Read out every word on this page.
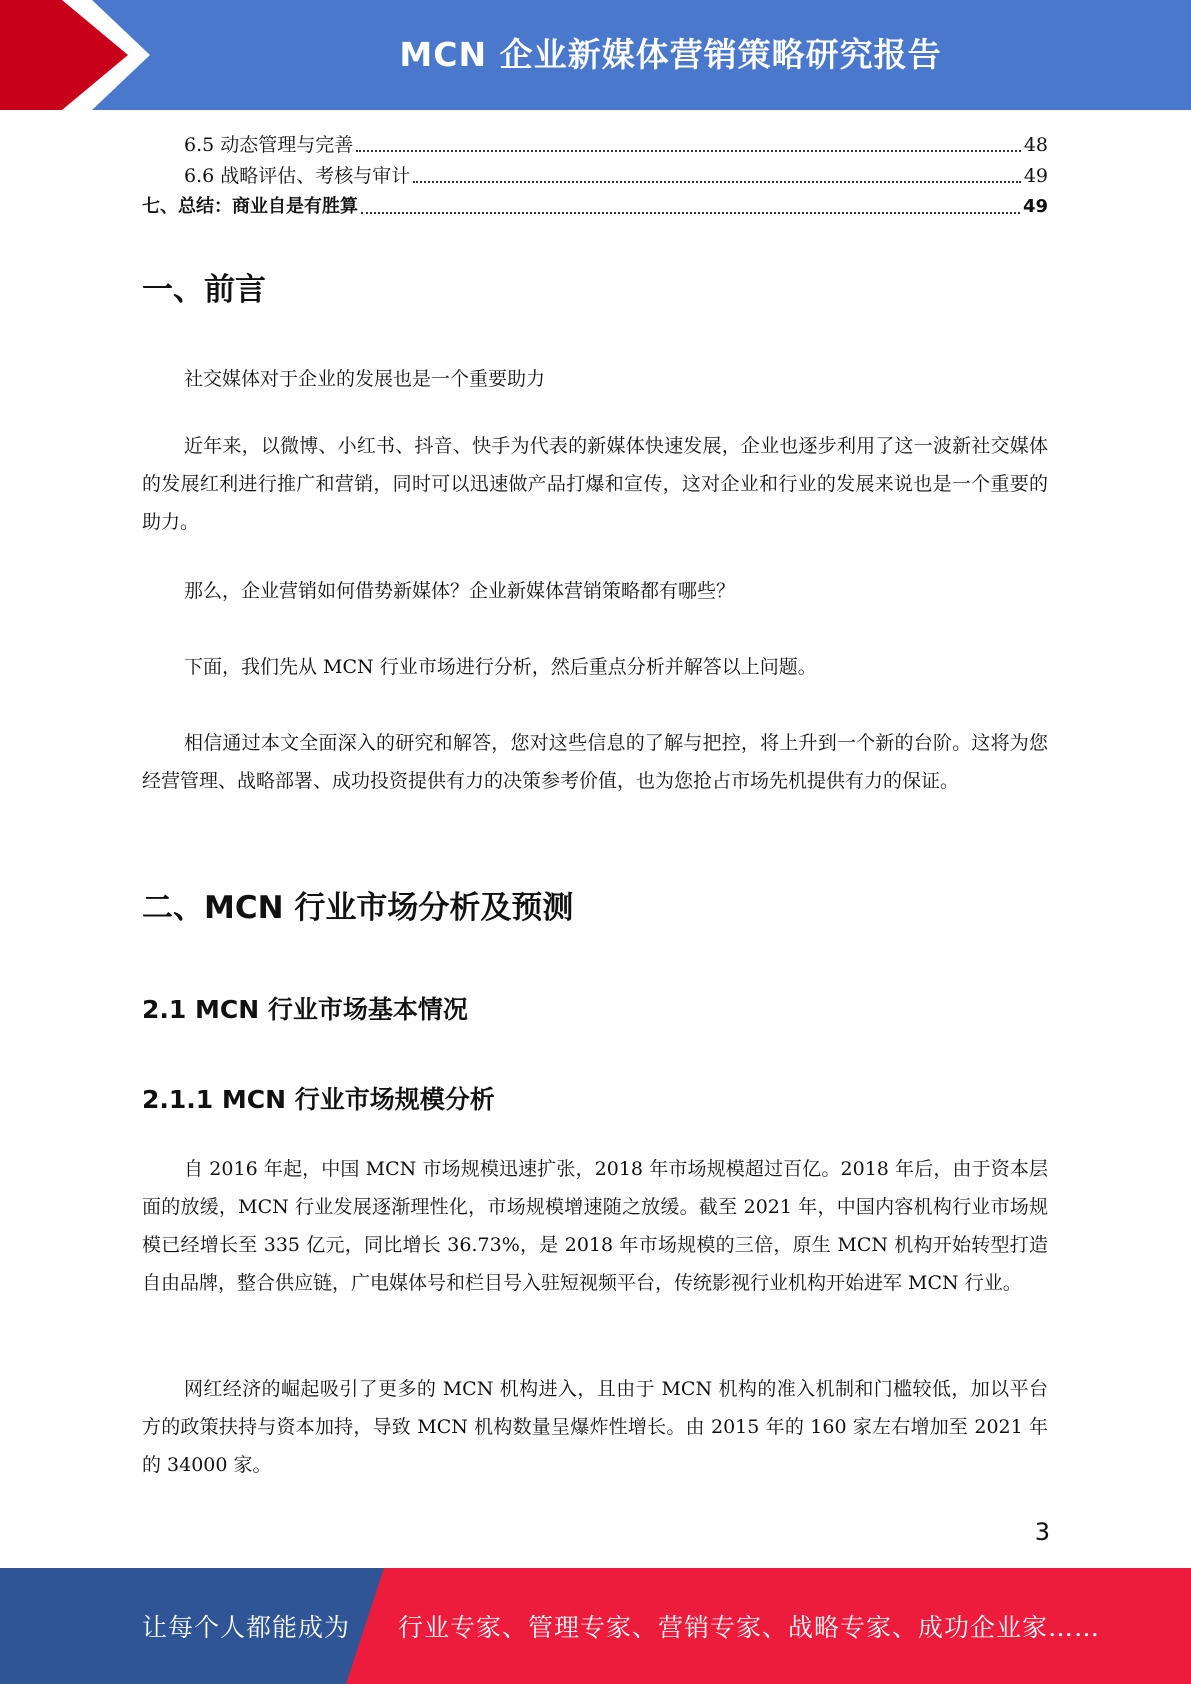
MCN 企业新媒体营销策略研究报告
6.5 动态管理与完善	48
6.6 战略评估、考核与审计	49
七、总结：商业自是有胜算	49
一、前言

社交媒体对于企业的发展也是一个重要助力

近年来，以微博、小红书、抖音、快手为代表的新媒体快速发展，企业也逐步利用了这一波新社交媒体的发展红利进行推广和营销，同时可以迅速做产品打爆和宣传，这对企业和行业的发展来说也是一个重要的助力。

那么，企业营销如何借势新媒体？企业新媒体营销策略都有哪些？

下面，我们先从 MCN 行业市场进行分析，然后重点分析并解答以上问题。

相信通过本文全面深入的研究和解答，您对这些信息的了解与把控，将上升到一个新的台阶。这将为您经营管理、战略部署、成功投资提供有力的决策参考价值，也为您抢占市场先机提供有力的保证。

二、MCN 行业市场分析及预测
2.1 MCN 行业市场基本情况
2.1.1 MCN 行业市场规模分析

自 2016 年起，中国 MCN 市场规模迅速扩张，2018 年市场规模超过百亿。2018 年后，由于资本层面的放缓，MCN 行业发展逐渐理性化，市场规模增速随之放缓。截至 2021 年，中国内容机构行业市场规模已经增长至 335 亿元，同比增长 36.73%，是 2018 年市场规模的三倍，原生 MCN 机构开始转型打造自由品牌，整合供应链，广电媒体号和栏目号入驻短视频平台，传统影视行业机构开始进军 MCN 行业。

网红经济的崛起吸引了更多的 MCN 机构进入，且由于 MCN 机构的准入机制和门槛较低，加以平台方的政策扶持与资本加持，导致 MCN 机构数量呈爆炸性增长。由 2015 年的 160 家左右增加至 2021 年的 34000 家。

3
让每个人都能成为 行业专家、管理专家、营销专家、战略专家、成功企业家……
